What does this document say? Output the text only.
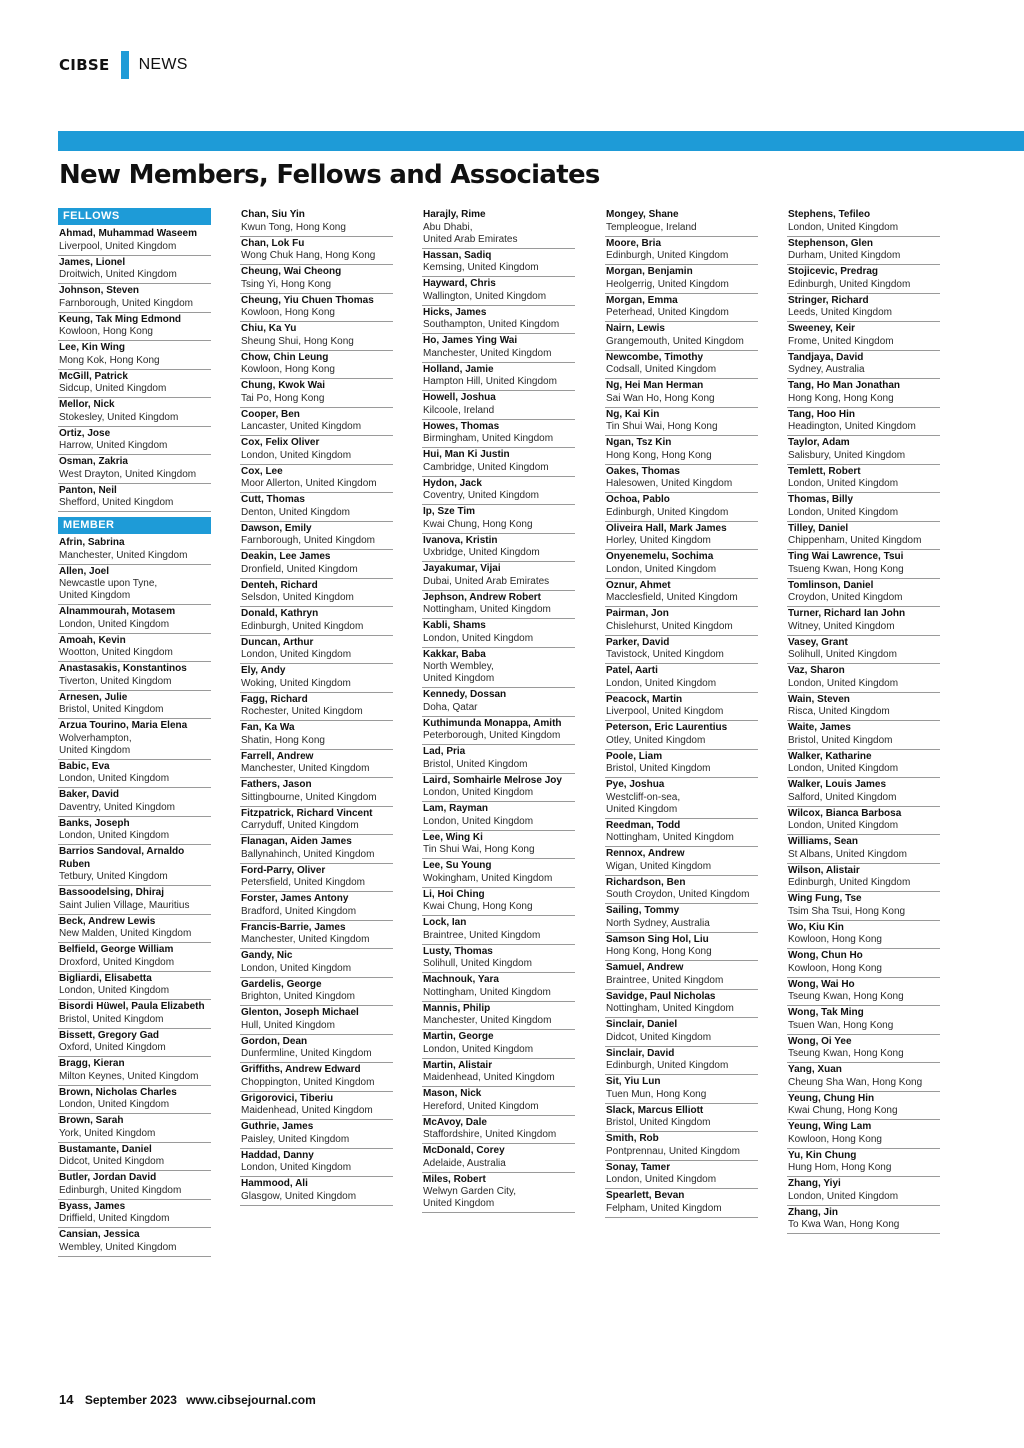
CIBSE NEWS
New Members, Fellows and Associates
FELLOWS
Ahmad, Muhammad Waseem
Liverpool, United Kingdom
James, Lionel
Droitwich, United Kingdom
Johnson, Steven
Farnborough, United Kingdom
Keung, Tak Ming Edmond
Kowloon, Hong Kong
Lee, Kin Wing
Mong Kok, Hong Kong
McGill, Patrick
Sidcup, United Kingdom
Mellor, Nick
Stokesley, United Kingdom
Ortiz, Jose
Harrow, United Kingdom
Osman, Zakria
West Drayton, United Kingdom
Panton, Neil
Shefford, United Kingdom
MEMBER
Afrin, Sabrina
Manchester, United Kingdom
Allen, Joel
Newcastle upon Tyne,
United Kingdom
Alnammourah, Motasem
London, United Kingdom
Amoah, Kevin
Wootton, United Kingdom
Anastasakis, Konstantinos
Tiverton, United Kingdom
Arnesen, Julie
Bristol, United Kingdom
Arzua Tourino, Maria Elena
Wolverhampton,
United Kingdom
Babic, Eva
London, United Kingdom
Baker, David
Daventry, United Kingdom
Banks, Joseph
London, United Kingdom
Barrios Sandoval, Arnaldo
Ruben
Tetbury, United Kingdom
Bassoodelsing, Dhiraj
Saint Julien Village, Mauritius
Beck, Andrew Lewis
New Malden, United Kingdom
Belfield, George William
Droxford, United Kingdom
Bigliardi, Elisabetta
London, United Kingdom
Bisordi Hüwel, Paula Elizabeth
Bristol, United Kingdom
Bissett, Gregory Gad
Oxford, United Kingdom
Bragg, Kieran
Milton Keynes, United Kingdom
Brown, Nicholas Charles
London, United Kingdom
Brown, Sarah
York, United Kingdom
Bustamante, Daniel
Didcot, United Kingdom
Butler, Jordan David
Edinburgh, United Kingdom
Byass, James
Driffield, United Kingdom
Cansian, Jessica
Wembley, United Kingdom
Chan, Siu Yin
Kwun Tong, Hong Kong
Chan, Lok Fu
Wong Chuk Hang, Hong Kong
Cheung, Wai Cheong
Tsing Yi, Hong Kong
Cheung, Yiu Chuen Thomas
Kowloon, Hong Kong
Chiu, Ka Yu
Sheung Shui, Hong Kong
Chow, Chin Leung
Kowloon, Hong Kong
Chung, Kwok Wai
Tai Po, Hong Kong
Cooper, Ben
Lancaster, United Kingdom
Cox, Felix Oliver
London, United Kingdom
Cox, Lee
Moor Allerton, United Kingdom
Cutt, Thomas
Denton, United Kingdom
Dawson, Emily
Farnborough, United Kingdom
Deakin, Lee James
Dronfield, United Kingdom
Denteh, Richard
Selsdon, United Kingdom
Donald, Kathryn
Edinburgh, United Kingdom
Duncan, Arthur
London, United Kingdom
Ely, Andy
Woking, United Kingdom
Fagg, Richard
Rochester, United Kingdom
Fan, Ka Wa
Shatin, Hong Kong
Farrell, Andrew
Manchester, United Kingdom
Fathers, Jason
Sittingbourne, United Kingdom
Fitzpatrick, Richard Vincent
Carryduff, United Kingdom
Flanagan, Aiden James
Ballynahinch, United Kingdom
Ford-Parry, Oliver
Petersfield, United Kingdom
Forster, James Antony
Bradford, United Kingdom
Francis-Barrie, James
Manchester, United Kingdom
Gandy, Nic
London, United Kingdom
Gardelis, George
Brighton, United Kingdom
Glenton, Joseph Michael
Hull, United Kingdom
Gordon, Dean
Dunfermline, United Kingdom
Griffiths, Andrew Edward
Choppington, United Kingdom
Grigorovici, Tiberiu
Maidenhead, United Kingdom
Guthrie, James
Paisley, United Kingdom
Haddad, Danny
London, United Kingdom
Hammood, Ali
Glasgow, United Kingdom
Harajly, Rime
Abu Dhabi,
United Arab Emirates
Hassan, Sadiq
Kemsing, United Kingdom
Hayward, Chris
Wallington, United Kingdom
Hicks, James
Southampton, United Kingdom
Ho, James Ying Wai
Manchester, United Kingdom
Holland, Jamie
Hampton Hill, United Kingdom
Howell, Joshua
Kilcoole, Ireland
Howes, Thomas
Birmingham, United Kingdom
Hui, Man Ki Justin
Cambridge, United Kingdom
Hydon, Jack
Coventry, United Kingdom
Ip, Sze Tim
Kwai Chung, Hong Kong
Ivanova, Kristin
Uxbridge, United Kingdom
Jayakumar, Vijai
Dubai, United Arab Emirates
Jephson, Andrew Robert
Nottingham, United Kingdom
Kabli, Shams
London, United Kingdom
Kakkar, Baba
North Wembley,
United Kingdom
Kennedy, Dossan
Doha, Qatar
Kuthimunda Monappa, Amith
Peterborough, United Kingdom
Lad, Pria
Bristol, United Kingdom
Laird, Somhairle Melrose Joy
London, United Kingdom
Lam, Rayman
London, United Kingdom
Lee, Wing Ki
Tin Shui Wai, Hong Kong
Lee, Su Young
Wokingham, United Kingdom
Li, Hoi Ching
Kwai Chung, Hong Kong
Lock, Ian
Braintree, United Kingdom
Lusty, Thomas
Solihull, United Kingdom
Machnouk, Yara
Nottingham, United Kingdom
Mannis, Philip
Manchester, United Kingdom
Martin, George
London, United Kingdom
Martin, Alistair
Maidenhead, United Kingdom
Mason, Nick
Hereford, United Kingdom
McAvoy, Dale
Staffordshire, United Kingdom
McDonald, Corey
Adelaide, Australia
Miles, Robert
Welwyn Garden City,
United Kingdom
Mongey, Shane
Templeogue, Ireland
Moore, Bria
Edinburgh, United Kingdom
Morgan, Benjamin
Heolgerrig, United Kingdom
Morgan, Emma
Peterhead, United Kingdom
Nairn, Lewis
Grangemouth, United Kingdom
Newcombe, Timothy
Codsall, United Kingdom
Ng, Hei Man Herman
Sai Wan Ho, Hong Kong
Ng, Kai Kin
Tin Shui Wai, Hong Kong
Ngan, Tsz Kin
Hong Kong, Hong Kong
Oakes, Thomas
Halesowen, United Kingdom
Ochoa, Pablo
Edinburgh, United Kingdom
Oliveira Hall, Mark James
Horley, United Kingdom
Onyenemelu, Sochima
London, United Kingdom
Oznur, Ahmet
Macclesfield, United Kingdom
Pairman, Jon
Chislehurst, United Kingdom
Parker, David
Tavistock, United Kingdom
Patel, Aarti
London, United Kingdom
Peacock, Martin
Liverpool, United Kingdom
Peterson, Eric Laurentius
Otley, United Kingdom
Poole, Liam
Bristol, United Kingdom
Pye, Joshua
Westcliff-on-sea,
United Kingdom
Reedman, Todd
Nottingham, United Kingdom
Rennox, Andrew
Wigan, United Kingdom
Richardson, Ben
South Croydon, United Kingdom
Sailing, Tommy
North Sydney, Australia
Samson Sing Hol, Liu
Hong Kong, Hong Kong
Samuel, Andrew
Braintree, United Kingdom
Savidge, Paul Nicholas
Nottingham, United Kingdom
Sinclair, Daniel
Didcot, United Kingdom
Sinclair, David
Edinburgh, United Kingdom
Sit, Yiu Lun
Tuen Mun, Hong Kong
Slack, Marcus Elliott
Bristol, United Kingdom
Smith, Rob
Pontprennau, United Kingdom
Sonay, Tamer
London, United Kingdom
Spearlett, Bevan
Felpham, United Kingdom
Stephens, Tefileo
London, United Kingdom
Stephenson, Glen
Durham, United Kingdom
Stojicevic, Predrag
Edinburgh, United Kingdom
Stringer, Richard
Leeds, United Kingdom
Sweeney, Keir
Frome, United Kingdom
Tandjaya, David
Sydney, Australia
Tang, Ho Man Jonathan
Hong Kong, Hong Kong
Tang, Hoo Hin
Headington, United Kingdom
Taylor, Adam
Salisbury, United Kingdom
Temlett, Robert
London, United Kingdom
Thomas, Billy
London, United Kingdom
Tilley, Daniel
Chippenham, United Kingdom
Ting Wai Lawrence, Tsui
Tsueng Kwan, Hong Kong
Tomlinson, Daniel
Croydon, United Kingdom
Turner, Richard Ian John
Witney, United Kingdom
Vasey, Grant
Solihull, United Kingdom
Vaz, Sharon
London, United Kingdom
Wain, Steven
Risca, United Kingdom
Waite, James
Bristol, United Kingdom
Walker, Katharine
London, United Kingdom
Walker, Louis James
Salford, United Kingdom
Wilcox, Bianca Barbosa
London, United Kingdom
Williams, Sean
St Albans, United Kingdom
Wilson, Alistair
Edinburgh, United Kingdom
Wing Fung, Tse
Tsim Sha Tsui, Hong Kong
Wo, Kiu Kin
Kowloon, Hong Kong
Wong, Chun Ho
Kowloon, Hong Kong
Wong, Wai Ho
Tseung Kwan, Hong Kong
Wong, Tak Ming
Tsuen Wan, Hong Kong
Wong, Oi Yee
Tseung Kwan, Hong Kong
Yang, Xuan
Cheung Sha Wan, Hong Kong
Yeung, Chung Hin
Kwai Chung, Hong Kong
Yeung, Wing Lam
Kowloon, Hong Kong
Yu, Kin Chung
Hung Hom, Hong Kong
Zhang, Yiyi
London, United Kingdom
Zhang, Jin
To Kwa Wan, Hong Kong
14 September 2023 www.cibsejournal.com
